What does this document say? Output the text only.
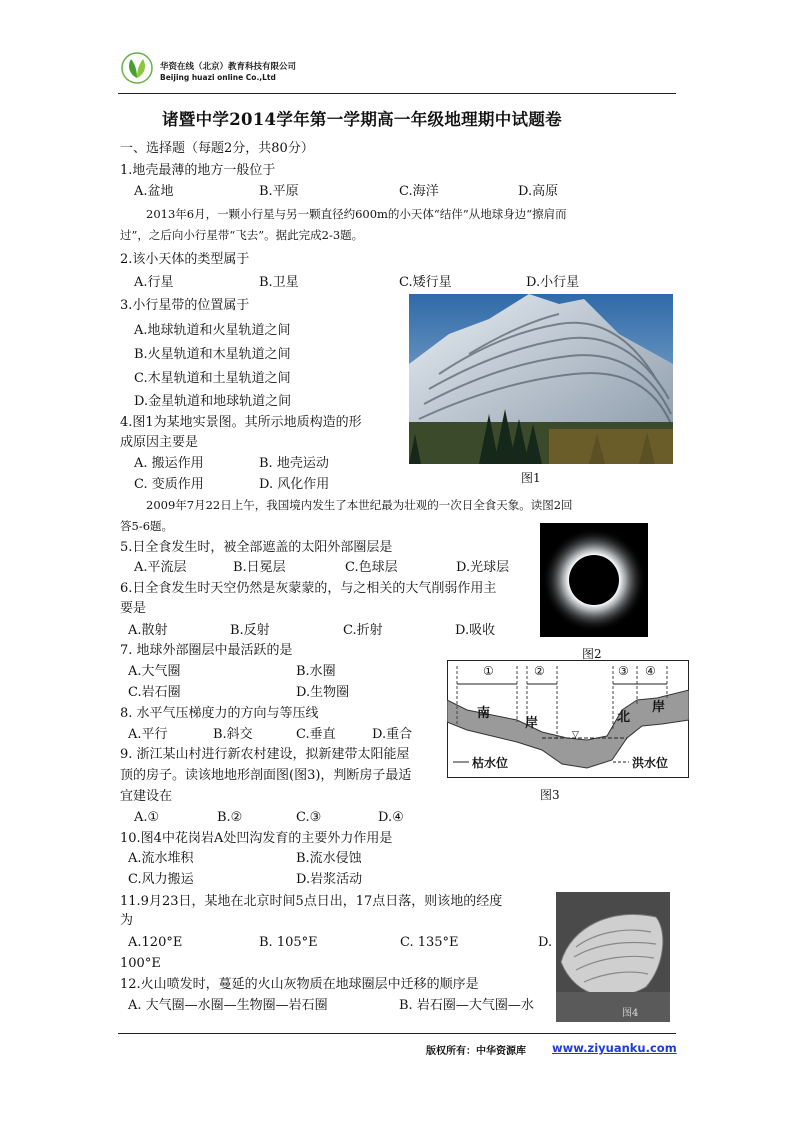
华资在线（北京）教育科技有限公司
Beijing huazi online Co.,Ltd
诸暨中学2014学年第一学期高一年级地理期中试题卷
一、选择题（每题2分，共80分）
1.地壳最薄的地方一般位于
A.盆地	B.平原	C.海洋	D.高原
2013年6月，一颗小行星与另一颗直径约600m的小天体“结伴”从地球身边“擦肩而
过”，之后向小行星带“飞去”。据此完成2-3题。
2.该小天体的类型属于
A.行星	B.卫星	C.矮行星	D.小行星
3.小行星带的位置属于
A.地球轨道和火星轨道之间
B.火星轨道和木星轨道之间
C.木星轨道和土星轨道之间
D.金星轨道和地球轨道之间
4.图1为某地实景图。其所示地质构造的形
成原因主要是
A. 搬运作用	B. 地壳运动
C. 变质作用	D. 风化作用	图1
2009年7月22日上午，我国境内发生了本世纪最为壮观的一次日全食天象。读图2回
答5-6题。
5.日全食发生时，被全部遮盖的太阳外部圈层是
A.平流层	B.日冕层	C.色球层	D.光球层
6.日全食发生时天空仍然是灰蒙蒙的，与之相关的大气削弱作用主
要是
A.散射	B.反射	C.折射	D.吸收
图2
7. 地球外部圈层中最活跃的是
A.大气圈	B.水圈
C.岩石圈	D.生物圈
8. 水平气压梯度力的方向与等压线
A.平行	B.斜交	C.垂直	D.重合
9. 浙江某山村进行新农村建设，拟新建带太阳能屋
顶的房子。读该地地形剖面图(图3)，判断房子最适
宜建设在
A.①	B.②	C.③	D.④
①	②	③ ④
南
岸	北
岸
▽
枯水位	洪水位
图3
10.图4中花岗岩A处凹沟发育的主要外力作用是
A.流水堆积	B.流水侵蚀
C.风力搬运	D.岩浆活动
11.9月23日，某地在北京时间5点日出，17点日落，则该地的经度
为
A.120°E	B. 105°E	C. 135°E	D.
100°E
12.火山喷发时，蔓延的火山灰物质在地球圈层中迁移的顺序是
A. 大气圈—水圈—生物圈—岩石圈	B. 岩石圈—大气圈—水
图4
版权所有：中华资源库 www.ziyuanku.com
